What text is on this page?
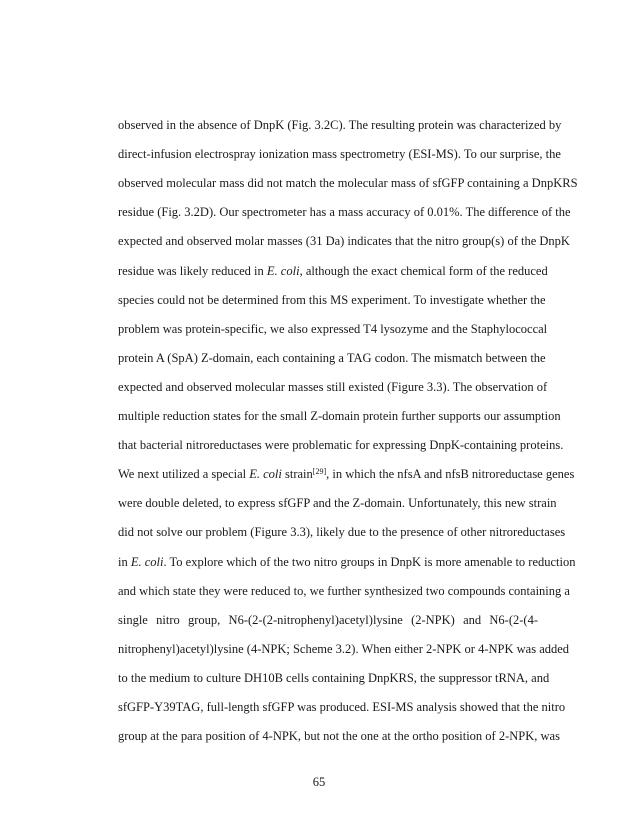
observed in the absence of DnpK (Fig. 3.2C). The resulting protein was characterized by
direct-infusion electrospray ionization mass spectrometry (ESI-MS). To our surprise, the
observed molecular mass did not match the molecular mass of sfGFP containing a DnpKRS
residue (Fig. 3.2D). Our spectrometer has a mass accuracy of 0.01%. The difference of the
expected and observed molar masses (31 Da) indicates that the nitro group(s) of the DnpK
residue was likely reduced in E. coli, although the exact chemical form of the reduced
species could not be determined from this MS experiment. To investigate whether the
problem was protein-specific, we also expressed T4 lysozyme and the Staphylococcal
protein A (SpA) Z-domain, each containing a TAG codon. The mismatch between the
expected and observed molecular masses still existed (Figure 3.3). The observation of
multiple reduction states for the small Z-domain protein further supports our assumption
that bacterial nitroreductases were problematic for expressing DnpK-containing proteins.
We next utilized a special E. coli strain[29], in which the nfsA and nfsB nitroreductase genes
were double deleted, to express sfGFP and the Z-domain. Unfortunately, this new strain
did not solve our problem (Figure 3.3), likely due to the presence of other nitroreductases
in E. coli. To explore which of the two nitro groups in DnpK is more amenable to reduction
and which state they were reduced to, we further synthesized two compounds containing a
single nitro group, N6-(2-(2-nitrophenyl)acetyl)lysine (2-NPK) and N6-(2-(4-
nitrophenyl)acetyl)lysine (4-NPK; Scheme 3.2). When either 2-NPK or 4-NPK was added
to the medium to culture DH10B cells containing DnpKRS, the suppressor tRNA, and
sfGFP-Y39TAG, full-length sfGFP was produced. ESI-MS analysis showed that the nitro
group at the para position of 4-NPK, but not the one at the ortho position of 2-NPK, was
65
